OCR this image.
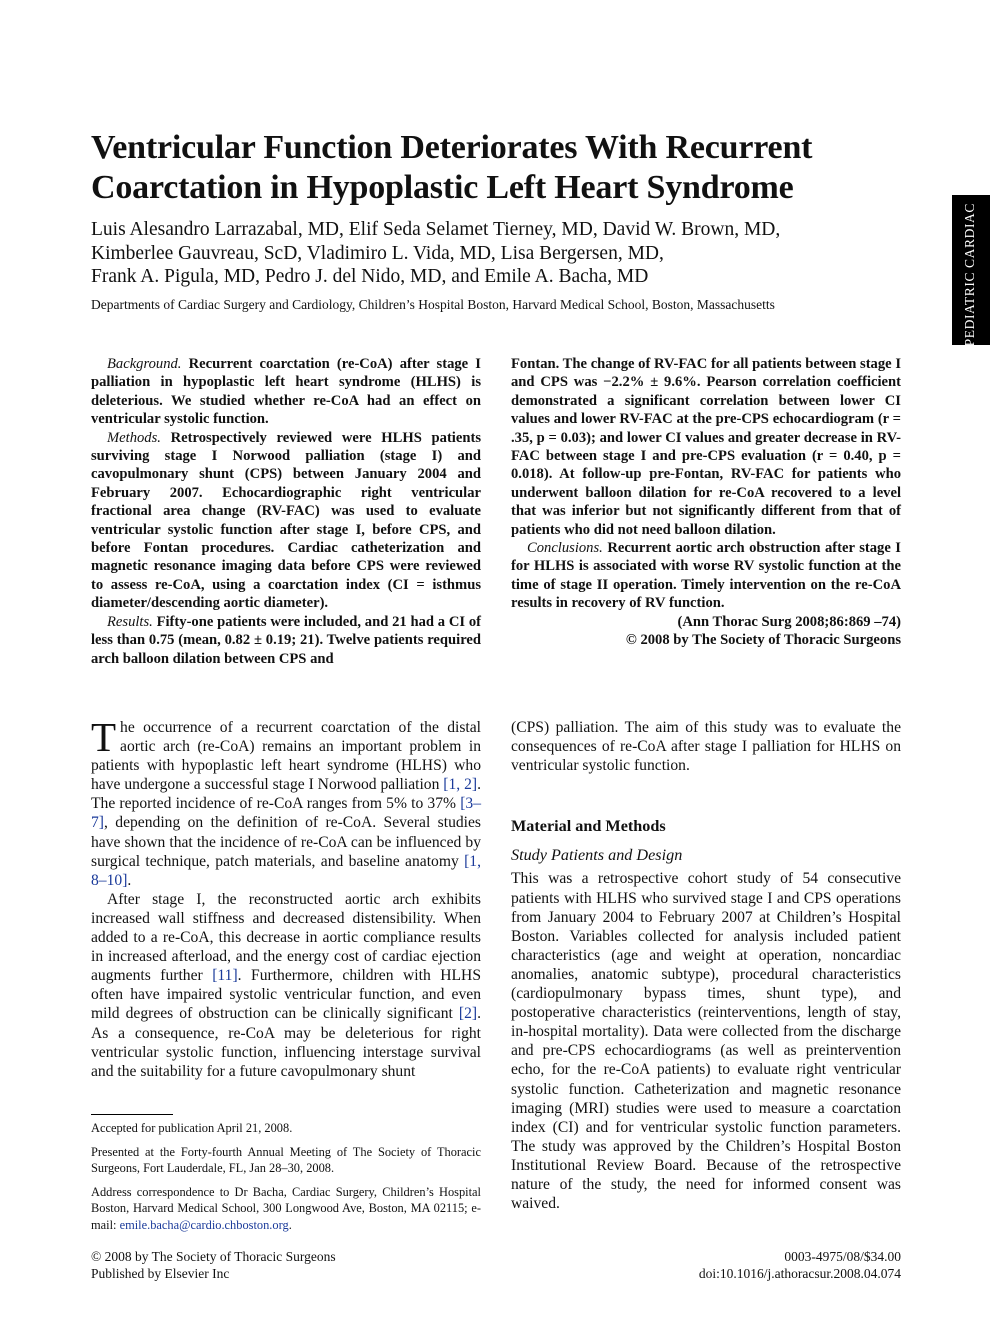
Ventricular Function Deteriorates With Recurrent
Coarctation in Hypoplastic Left Heart Syndrome
Luis Alesandro Larrazabal, MD, Elif Seda Selamet Tierney, MD, David W. Brown, MD,
Kimberlee Gauvreau, ScD, Vladimiro L. Vida, MD, Lisa Bergersen, MD,
Frank A. Pigula, MD, Pedro J. del Nido, MD, and Emile A. Bacha, MD
Departments of Cardiac Surgery and Cardiology, Children’s Hospital Boston, Harvard Medical School, Boston, Massachusetts	PEDIATRIC CARDIAC

Background. Recurrent coarctation (re-CoA) after stage I palliation in hypoplastic left heart syndrome (HLHS) is deleterious. We studied whether re-CoA had an effect on ventricular systolic function.

Methods. Retrospectively reviewed were HLHS patients surviving stage I Norwood palliation (stage I) and cavopulmonary shunt (CPS) between January 2004 and February 2007. Echocardiographic right ventricular fractional area change (RV-FAC) was used to evaluate ventricular systolic function after stage I, before CPS, and before Fontan procedures. Cardiac catheterization and magnetic resonance imaging data before CPS were reviewed to assess re-CoA, using a coarctation index (CI = isthmus diameter/descending aortic diameter).

Results. Fifty-one patients were included, and 21 had a CI of less than 0.75 (mean, 0.82 ± 0.19; 21). Twelve patients required arch balloon dilation between CPS and

Fontan. The change of RV-FAC for all patients between stage I and CPS was −2.2% ± 9.6%. Pearson correlation coefficient demonstrated a significant correlation between lower CI values and lower RV-FAC at the pre-CPS echocardiogram (r = .35, p = 0.03); and lower CI values and greater decrease in RV-FAC between stage I and pre-CPS evaluation (r = 0.40, p = 0.018). At follow-up pre-Fontan, RV-FAC for patients who underwent balloon dilation for re-CoA recovered to a level that was inferior but not significantly different from that of patients who did not need balloon dilation.

Conclusions. Recurrent aortic arch obstruction after stage I for HLHS is associated with worse RV systolic function at the time of stage II operation. Timely intervention on the re-CoA results in recovery of RV function.

(Ann Thorac Surg 2008;86:869 –74)

© 2008 by The Society of Thoracic Surgeons

The occurrence of a recurrent coarctation of the distal aortic arch (re-CoA) remains an important problem in patients with hypoplastic left heart syndrome (HLHS) who have undergone a successful stage I Norwood palliation [1, 2]. The reported incidence of re-CoA ranges from 5% to 37% [3–7], depending on the definition of re-CoA. Several studies have shown that the incidence of re-CoA can be influenced by surgical technique, patch materials, and baseline anatomy [1, 8–10].

After stage I, the reconstructed aortic arch exhibits increased wall stiffness and decreased distensibility. When added to a re-CoA, this decrease in aortic compliance results in increased afterload, and the energy cost of cardiac ejection augments further [11]. Furthermore, children with HLHS often have impaired systolic ventricular function, and even mild degrees of obstruction can be clinically significant [2]. As a consequence, re-CoA may be deleterious for right ventricular systolic function, influencing interstage survival and the suitability for a future cavopulmonary shunt

(CPS) palliation. The aim of this study was to evaluate the consequences of re-CoA after stage I palliation for HLHS on ventricular systolic function.

Material and Methods
Study Patients and Design

This was a retrospective cohort study of 54 consecutive patients with HLHS who survived stage I and CPS operations from January 2004 to February 2007 at Children’s Hospital Boston. Variables collected for analysis included patient characteristics (age and weight at operation, noncardiac anomalies, anatomic subtype), procedural characteristics (cardiopulmonary bypass times, shunt type), and postoperative characteristics (reinterventions, length of stay, in-hospital mortality). Data were collected from the discharge and pre-CPS echocardiograms (as well as preintervention echo, for the re-CoA patients) to evaluate right ventricular systolic function. Catheterization and magnetic resonance imaging (MRI) studies were used to measure a coarctation index (CI) and for ventricular systolic function parameters. The study was approved by the Children’s Hospital Boston Institutional Review Board. Because of the retrospective nature of the study, the need for informed consent was waived.

Accepted for publication April 21, 2008.

Presented at the Forty-fourth Annual Meeting of The Society of Thoracic Surgeons, Fort Lauderdale, FL, Jan 28–30, 2008.

Address correspondence to Dr Bacha, Cardiac Surgery, Children’s Hospital Boston, Harvard Medical School, 300 Longwood Ave, Boston, MA 02115; e-mail: emile.bacha@cardio.chboston.org.

© 2008 by The Society of Thoracic Surgeons
Published by Elsevier Inc
0003-4975/08/$34.00
doi:10.1016/j.athoracsur.2008.04.074
